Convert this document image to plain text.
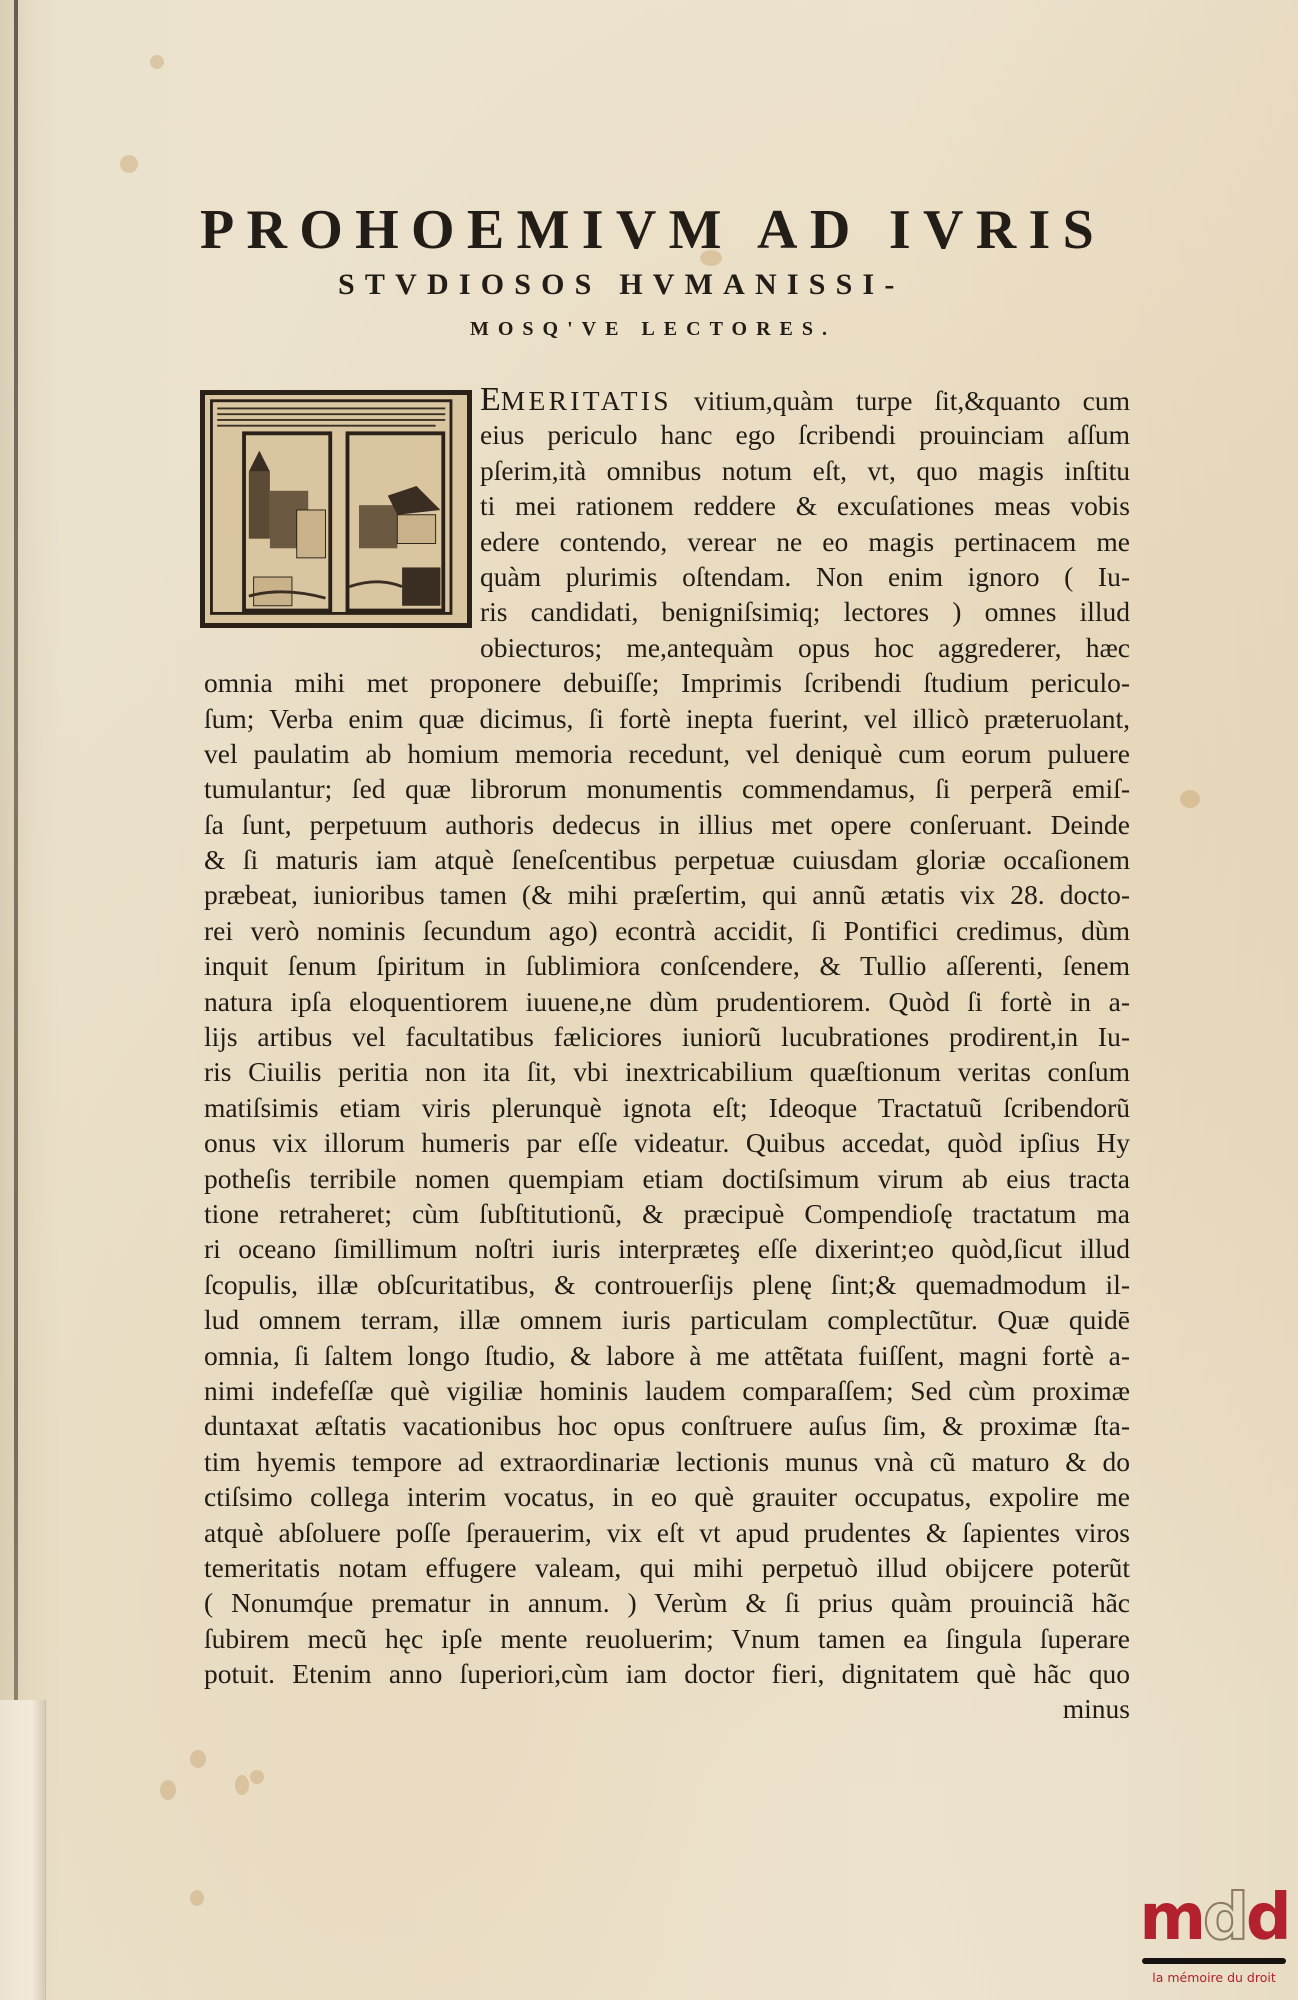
PROHOEMIVM AD IVRIS
STVDIOSOS HVMANISSI-
MOSQ'VE LECTORES.
EMERITATIS vitium,quàm turpe ſit,&quanto cum
eius periculo hanc ego ſcribendi prouinciam aſſum
pſerim,ità omnibus notum eſt, vt, quo magis inſtitu
ti mei rationem reddere & excuſationes meas vobis
edere contendo, verear ne eo magis pertinacem me
quàm plurimis oſtendam. Non enim ignoro ( Iu-
ris candidati, benigniſsimiq; lectores ) omnes illud
obiecturos; me,antequàm opus hoc aggrederer, hæc
omnia mihi met proponere debuiſſe; Imprimis ſcribendi ſtudium periculo-
ſum; Verba enim quæ dicimus, ſi fortè inepta fuerint, vel illicò præteruolant,
vel paulatim ab homium memoria recedunt, vel deniquè cum eorum puluere
tumulantur; ſed quæ librorum monumentis commendamus, ſi perperã emiſ-
ſa ſunt, perpetuum authoris dedecus in illius met opere conſeruant. Deinde
& ſi maturis iam atquè ſeneſcentibus perpetuæ cuiusdam gloriæ occaſionem
præbeat, iunioribus tamen (& mihi præſertim, qui annũ ætatis vix 28. docto-
rei verò nominis ſecundum ago) econtrà accidit, ſi Pontifici credimus, dùm
inquit ſenum ſpiritum in ſublimiora conſcendere, & Tullio aſſerenti, ſenem
natura ipſa eloquentiorem iuuene,ne dùm prudentiorem. Quòd ſi fortè in a-
lijs artibus vel facultatibus fæliciores iuniorũ lucubrationes prodirent,in Iu-
ris Ciuilis peritia non ita ſit, vbi inextricabilium quæſtionum veritas conſum
matiſsimis etiam viris plerunquè ignota eſt; Ideoque Tractatuũ ſcribendorũ
onus vix illorum humeris par eſſe videatur. Quibus accedat, quòd ipſius Hy
potheſis terribile nomen quempiam etiam doctiſsimum virum ab eius tracta
tione retraheret; cùm ſubſtitutionũ, & præcipuè Compendioſę tractatum ma
ri oceano ſimillimum noſtri iuris interpræteş eſſe dixerint;eo quòd,ſicut illud
ſcopulis, illæ obſcuritatibus, & controuerſijs plenę ſint;& quemadmodum il-
lud omnem terram, illæ omnem iuris particulam complectũtur. Quæ quidē
omnia, ſi ſaltem longo ſtudio, & labore à me attẽtata fuiſſent, magni fortè a-
nimi indefeſſæ què vigiliæ hominis laudem comparaſſem; Sed cùm proximæ
duntaxat æſtatis vacationibus hoc opus conſtruere auſus ſim, & proximæ ſta-
tim hyemis tempore ad extraordinariæ lectionis munus vnà cũ maturo & do
ctiſsimo collega interim vocatus, in eo què grauiter occupatus, expolire me
atquè abſoluere poſſe ſperauerim, vix eſt vt apud prudentes & ſapientes viros
temeritatis notam effugere valeam, qui mihi perpetuò illud obijcere poterũt
( Nonumq́ue prematur in annum. ) Verùm & ſi prius quàm prouinciã hãc
ſubirem mecũ hęc ipſe mente reuoluerim; Vnum tamen ea ſingula ſuperare
potuit. Etenim anno ſuperiori,cùm iam doctor fieri, dignitatem què hãc quo
minus
mdd
la mémoire du droit
